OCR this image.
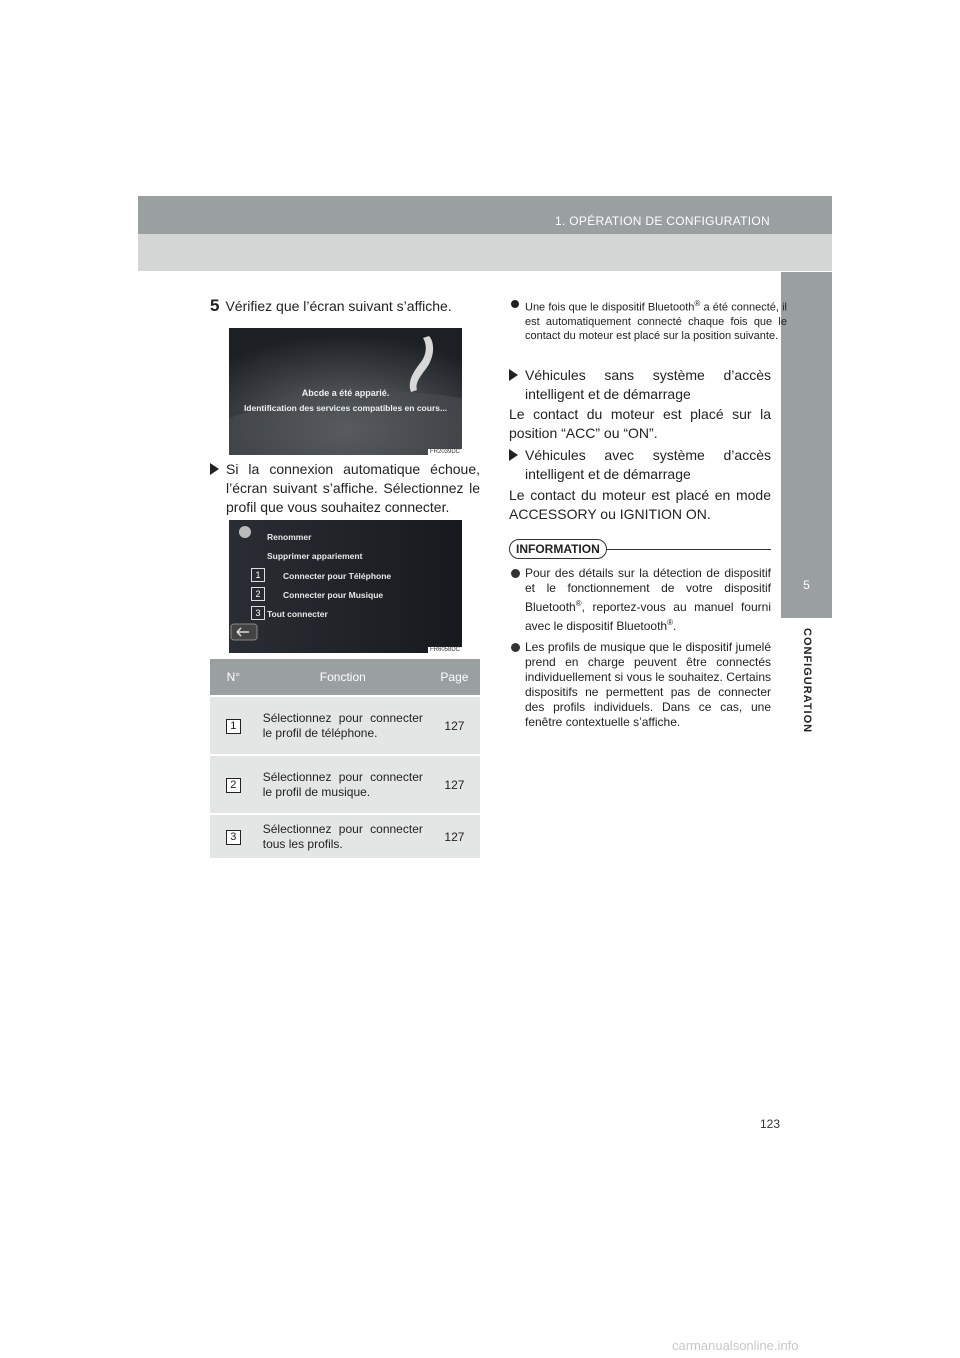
1. OPÉRATION DE CONFIGURATION
5
CONFIGURATION
5 Vérifiez que l’écran suivant s’affiche.
Abcde a été apparié.
Identification des services compatibles en cours...
FR2039DC
Si la connexion automatique échoue, l’écran suivant s’affiche. Sélectionnez le profil que vous souhaitez connecter.
Renommer
Supprimer appariement
1	Connecter pour Téléphone
2	Connecter pour Musique
3 Tout connecter
FR6058DC
N°	Fonction	Page
1	Sélectionnez pour connecter le profil de téléphone.	127
2	Sélectionnez pour connecter le profil de musique.	127
3	Sélectionnez pour connecter tous les profils.	127
Une fois que le dispositif Bluetooth® a été connecté, il est automatiquement connecté chaque fois que le contact du moteur est placé sur la position suivante.
Véhicules sans système d’accès intelligent et de démarrage
Le contact du moteur est placé sur la position “ACC” ou “ON”.
Véhicules avec système d’accès intelligent et de démarrage
Le contact du moteur est placé en mode ACCESSORY ou IGNITION ON.
INFORMATION
Pour des détails sur la détection de dispositif et le fonctionnement de votre dispositif Bluetooth®, reportez-vous au manuel fourni avec le dispositif Bluetooth®.
Les profils de musique que le dispositif jumelé prend en charge peuvent être connectés individuellement si vous le souhaitez. Certains dispositifs ne permettent pas de connecter des profils individuels. Dans ce cas, une fenêtre contextuelle s’affiche.
123
carmanualsonline.info
